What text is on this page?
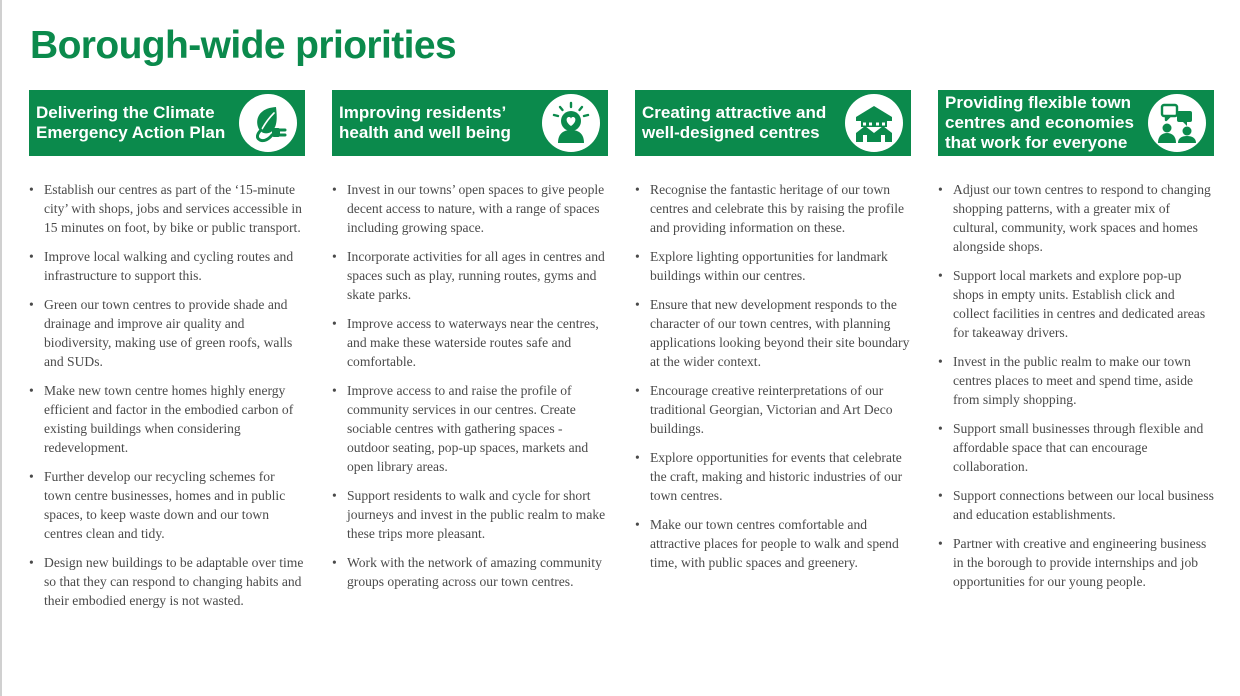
Borough-wide priorities
Delivering the Climate Emergency Action Plan
• Establish our centres as part of the ‘15-minute city’ with shops, jobs and services accessible in 15 minutes on foot, by bike or public transport.
• Improve local walking and cycling routes and infrastructure to support this.
• Green our town centres to provide shade and drainage and improve air quality and biodiversity, making use of green roofs, walls and SUDs.
• Make new town centre homes highly energy efficient and factor in the embodied carbon of existing buildings when considering redevelopment.
• Further develop our recycling schemes for town centre businesses, homes and in public spaces, to keep waste down and our town centres clean and tidy.
• Design new buildings to be adaptable over time so that they can respond to changing habits and their embodied energy is not wasted.
Improving residents’ health and well being
• Invest in our towns’ open spaces to give people decent access to nature, with a range of spaces including growing space.
• Incorporate activities for all ages in centres and spaces such as play, running routes, gyms and skate parks.
• Improve access to waterways near the centres, and make these waterside routes safe and comfortable.
• Improve access to and raise the profile of community services in our centres. Create sociable centres with gathering spaces - outdoor seating, pop-up spaces, markets and open library areas.
• Support residents to walk and cycle for short journeys and invest in the public realm to make these trips more pleasant.
• Work with the network of amazing community groups operating across our town centres.
Creating attractive and well-designed centres
• Recognise the fantastic heritage of our town centres and celebrate this by raising the profile and providing information on these.
• Explore lighting opportunities for landmark buildings within our centres.
• Ensure that new development responds to the character of our town centres, with planning applications looking beyond their site boundary at the wider context.
• Encourage creative reinterpretations of our traditional Georgian, Victorian and Art Deco buildings.
• Explore opportunities for events that celebrate the craft, making and historic industries of our town centres.
• Make our town centres comfortable and attractive places for people to walk and spend time, with public spaces and greenery.
Providing flexible town centres and economies that work for everyone
• Adjust our town centres to respond to changing shopping patterns, with a greater mix of cultural, community, work spaces and homes alongside shops.
• Support local markets and explore pop-up shops in empty units. Establish click and collect facilities in centres and dedicated areas for takeaway drivers.
• Invest in the public realm to make our town centres places to meet and spend time, aside from simply shopping.
• Support small businesses through flexible and affordable space that can encourage collaboration.
• Support connections between our local business and education establishments.
• Partner with creative and engineering business in the borough to provide internships and job opportunities for our young people.
